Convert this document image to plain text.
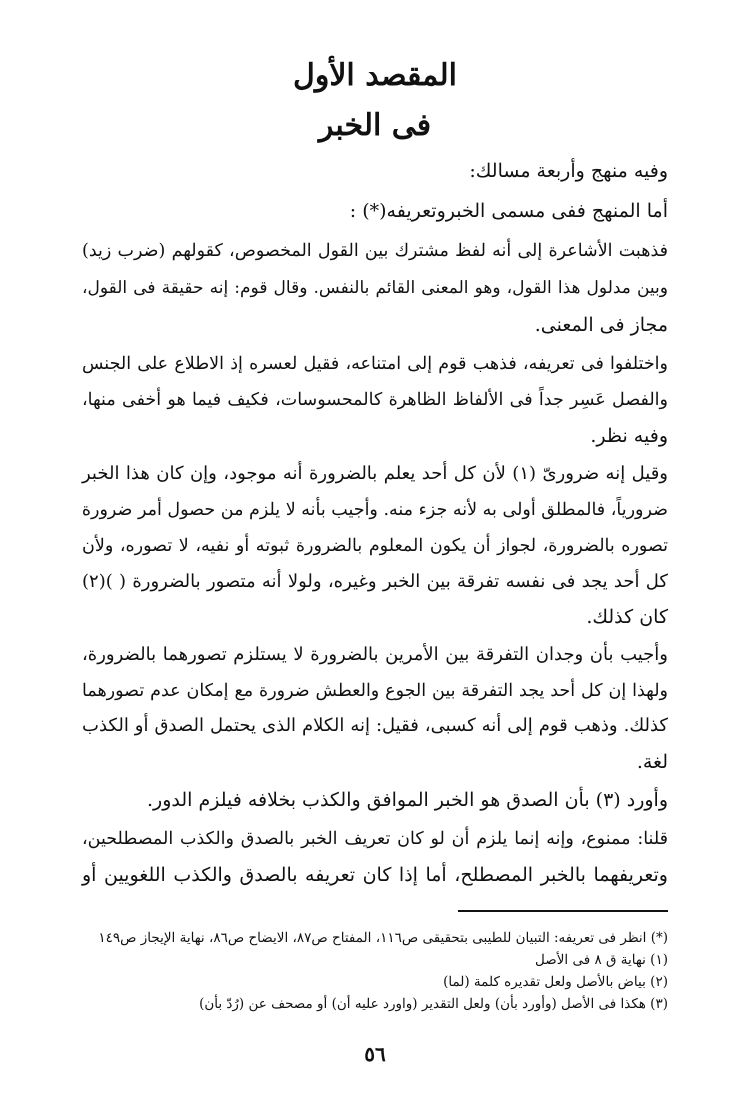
المقصد الأول
فى الخبر
وفيه منهج وأربعة مسالك:
أما المنهج ففى مسمى الخبروتعريفه(*) :
فذهبت الأشاعرة إلى أنه لفظ مشترك بين القول المخصوص، كقولهم (ضرب زيد)
وبين مدلول هذا القول، وهو المعنى القائم بالنفس. وقال قوم: إنه حقيقة فى القول،
مجاز فى المعنى.
واختلفوا فى تعريفه، فذهب قوم إلى امتناعه، فقيل لعسره إذ الاطلاع على الجنس
والفصل عَسِر جداً فى الألفاظ الظاهرة كالمحسوسات، فكيف فيما هو أخفى منها،
وفيه نظر.
وقيل إنه ضرورىّ (١) لأن كل أحد يعلم بالضرورة أنه موجود، وإن كان هذا الخبر
ضرورياً، فالمطلق أولى به لأنه جزء منه. وأجيب بأنه لا يلزم من حصول أمر ضرورة
تصوره بالضرورة، لجواز أن يكون المعلوم بالضرورة ثبوته أو نفيه، لا تصوره، ولأن
كل أحد يجد فى نفسه تفرقة بين الخبر وغيره، ولولا أنه متصور بالضرورة ( )(٢)
كان كذلك.
وأجيب بأن وجدان التفرقة بين الأمرين بالضرورة لا يستلزم تصورهما بالضرورة،
ولهذا إن كل أحد يجد التفرقة بين الجوع والعطش ضرورة مع إمكان عدم تصورهما
كذلك. وذهب قوم إلى أنه كسبى، فقيل: إنه الكلام الذى يحتمل الصدق أو الكذب
لغة.
وأورد (٣) بأن الصدق هو الخبر الموافق والكذب بخلافه فيلزم الدور.
قلنا: ممنوع، وإنه إنما يلزم أن لو كان تعريف الخبر بالصدق والكذب المصطلحين،
وتعريفهما بالخبر المصطلح، أما إذا كان تعريفه بالصدق والكذب اللغويين أو
(*) انظر فى تعريفه: التبيان للطيبى بتحقيقى ص١١٦، المفتاح ص٨٧، الايضاح ص٨٦، نهاية الإيجاز ص١٤٩
(١) نهاية ق ٨ فى الأصل
(٢) بياض بالأصل ولعل تقديره كلمة (لما)
(٣) هكذا فى الأصل (وأورد بأن) ولعل التقدير (واورد عليه أن) أو مصحف عن (رُدّ بأن)
٥٦
